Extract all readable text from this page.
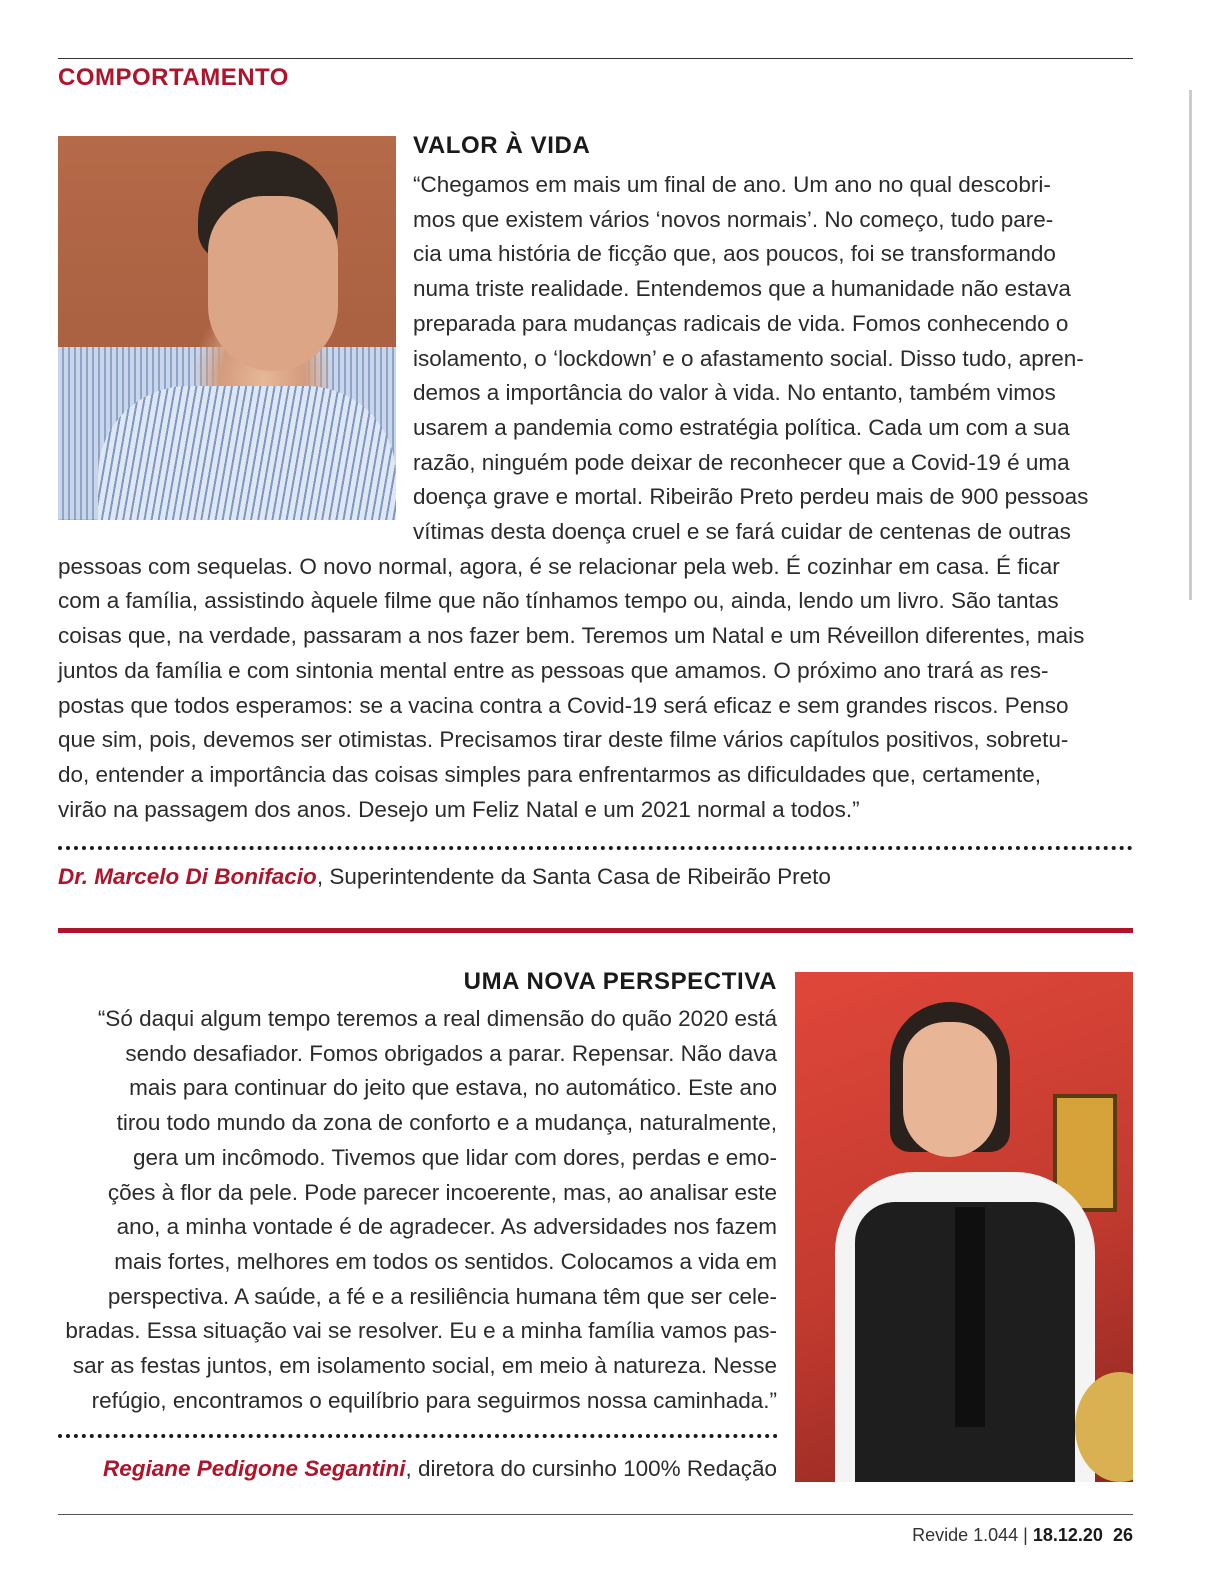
COMPORTAMENTO
VALOR À VIDA
“Chegamos em mais um final de ano. Um ano no qual descobri-
mos que existem vários ‘novos normais’. No começo, tudo pare-
cia uma história de ficção que, aos poucos, foi se transformando
numa triste realidade. Entendemos que a humanidade não estava
preparada para mudanças radicais de vida. Fomos conhecendo o
isolamento, o ‘lockdown’ e o afastamento social. Disso tudo, apren-
demos a importância do valor à vida. No entanto, também vimos
usarem a pandemia como estratégia política. Cada um com a sua
razão, ninguém pode deixar de reconhecer que a Covid-19 é uma
doença grave e mortal. Ribeirão Preto perdeu mais de 900 pessoas
vítimas desta doença cruel e se fará cuidar de centenas de outras
pessoas com sequelas. O novo normal, agora, é se relacionar pela web. É cozinhar em casa. É ficar
com a família, assistindo àquele filme que não tínhamos tempo ou, ainda, lendo um livro. São tantas
coisas que, na verdade, passaram a nos fazer bem. Teremos um Natal e um Réveillon diferentes, mais
juntos da família e com sintonia mental entre as pessoas que amamos. O próximo ano trará as res-
postas que todos esperamos: se a vacina contra a Covid-19 será eficaz e sem grandes riscos. Penso
que sim, pois, devemos ser otimistas. Precisamos tirar deste filme vários capítulos positivos, sobretu-
do, entender a importância das coisas simples para enfrentarmos as dificuldades que, certamente,
virão na passagem dos anos. Desejo um Feliz Natal e um 2021 normal a todos.”
Dr. Marcelo Di Bonifacio, Superintendente da Santa Casa de Ribeirão Preto
UMA NOVA PERSPECTIVA
“Só daqui algum tempo teremos a real dimensão do quão 2020 está
sendo desafiador. Fomos obrigados a parar. Repensar. Não dava
mais para continuar do jeito que estava, no automático. Este ano
tirou todo mundo da zona de conforto e a mudança, naturalmente,
gera um incômodo. Tivemos que lidar com dores, perdas e emo-
ções à flor da pele. Pode parecer incoerente, mas, ao analisar este
ano, a minha vontade é de agradecer. As adversidades nos fazem
mais fortes, melhores em todos os sentidos. Colocamos a vida em
perspectiva. A saúde, a fé e a resiliência humana têm que ser cele-
bradas. Essa situação vai se resolver. Eu e a minha família vamos pas-
sar as festas juntos, em isolamento social, em meio à natureza. Nesse
refúgio, encontramos o equilíbrio para seguirmos nossa caminhada.”
Regiane Pedigone Segantini, diretora do cursinho 100% Redação
Revide 1.044 | 18.12.20 26
